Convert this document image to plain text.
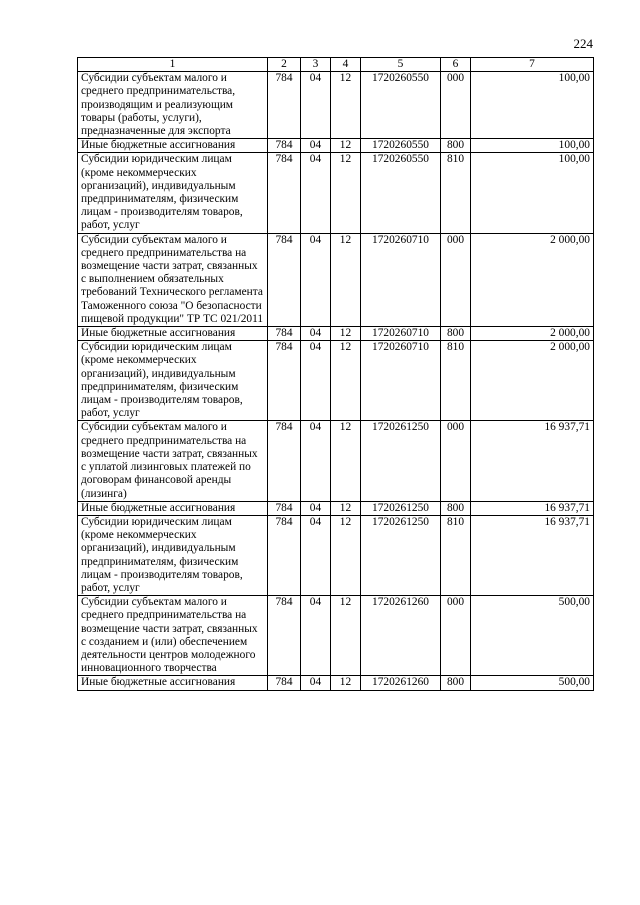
224
1	2	3	4	5	6	7
Субсидии субъектам малого и среднего предпринимательства, производящим и реализующим товары (работы, услуги), предназначенные для экспорта	784	04	12	1720260550	000	100,00
Иные бюджетные ассигнования	784	04	12	1720260550	800	100,00
Субсидии юридическим лицам (кроме некоммерческих организаций), индивидуальным предпринимателям, физическим лицам - производителям товаров, работ, услуг	784	04	12	1720260550	810	100,00
Субсидии субъектам малого и среднего предпринимательства на возмещение части затрат, связанных с выполнением обязательных требований Технического регламента Таможенного союза "О безопасности пищевой продукции" ТР ТС 021/2011	784	04	12	1720260710	000	2 000,00
Иные бюджетные ассигнования	784	04	12	1720260710	800	2 000,00
Субсидии юридическим лицам (кроме некоммерческих организаций), индивидуальным предпринимателям, физическим лицам - производителям товаров, работ, услуг	784	04	12	1720260710	810	2 000,00
Субсидии субъектам малого и среднего предпринимательства на возмещение части затрат, связанных с уплатой лизинговых платежей по договорам финансовой аренды (лизинга)	784	04	12	1720261250	000	16 937,71
Иные бюджетные ассигнования	784	04	12	1720261250	800	16 937,71
Субсидии юридическим лицам (кроме некоммерческих организаций), индивидуальным предпринимателям, физическим лицам - производителям товаров, работ, услуг	784	04	12	1720261250	810	16 937,71
Субсидии субъектам малого и среднего предпринимательства на возмещение части затрат, связанных с созданием и (или) обеспечением деятельности центров молодежного инновационного творчества	784	04	12	1720261260	000	500,00
Иные бюджетные ассигнования	784	04	12	1720261260	800	500,00
